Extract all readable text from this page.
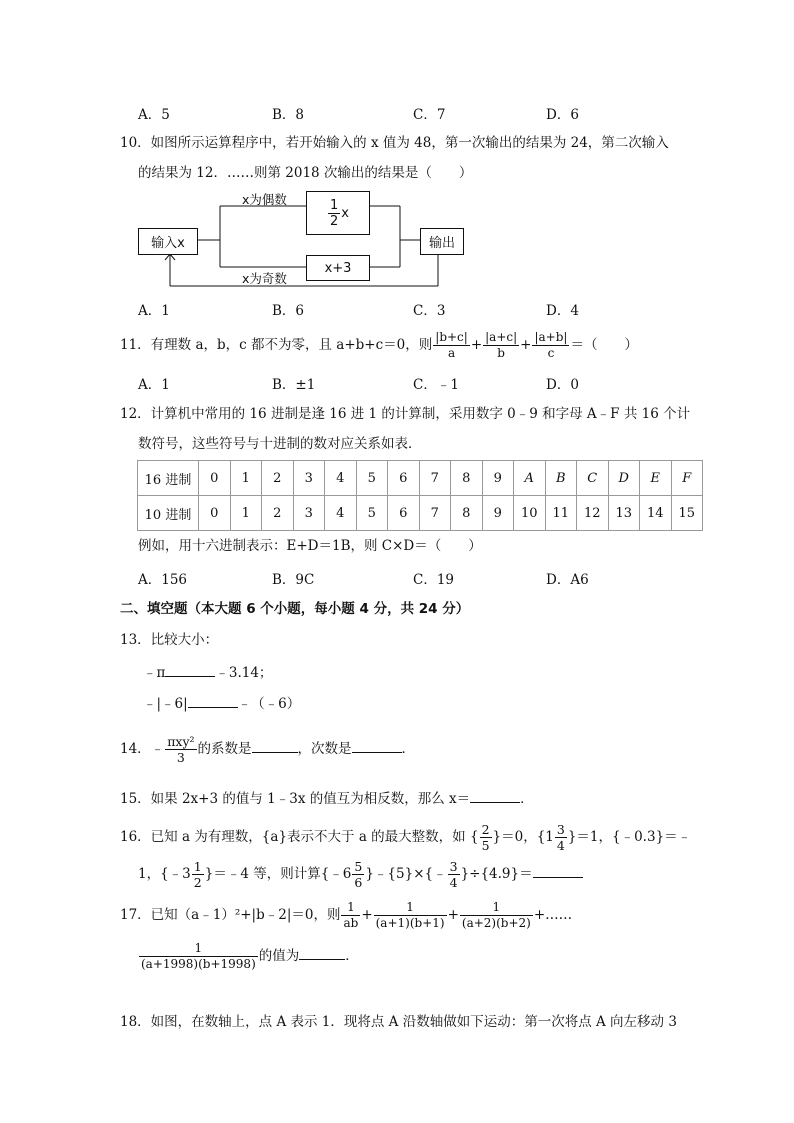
A．5	B．8	C．7	D．6
10．如图所示运算程序中，若开始输入的 x 值为 48，第一次输出的结果为 24，第二次输入
的结果为 12．……则第 2018 次输出的结果是（　　）
输入x
1
2
x
x+3
输出
x为偶数
x为奇数
A．1	B．6	C．3	D．4
11．有理数 a，b，c 都不为零，且 a+b+c＝0，则 $\frac{|b+c|}{a} + \frac{|a+c|}{b} + \frac{|a+b|}{c}$ ＝（　　）
A．1	B．±1	C．﹣1	D．0
12．计算机中常用的 16 进制是逢 16 进 1 的计算制，采用数字 0﹣9 和字母 A﹣F 共 16 个计
数符号，这些符号与十进制的数对应关系如表．
16 进制	0	1	2	3	4	5	6	7	8	9	A	B	C	D	E	F
10 进制	0	1	2	3	4	5	6	7	8	9	10	11	12	13	14	15
例如，用十六进制表示：E+D＝1B，则 C×D＝（　　）
A．156	B．9C	C．19	D．A6
二、填空题（本大题 6 个小题，每小题 4 分，共 24 分）
13．比较大小：
﹣π	﹣3.14；
﹣|﹣6|	﹣（﹣6）
14．﹣ πxy²
3
的系数是	，次数是	．
15．如果 2x+3 的值与 1﹣3x 的值互为相反数，那么 x＝	．
16．已知 a 为有理数，{a}表示不大于 a 的最大整数，如 { $\frac{2}{5} \}=0$，$\{1 \frac{3}{4} \}=1$，{﹣0.3}＝﹣
1，{﹣3 $\frac{1}{2}$ }＝﹣4 等，则计算{﹣6 $\frac{5}{6}$ }﹣{5}×{﹣ $\frac{3}{4} \}\div\{4.9\}=$
17．已知（a﹣1）²+|b﹣2|＝0，则 $\frac{1}{ab} + \frac{1}{(a+1)(b+1)} + \frac{1}{(a+2)(b+2)}$ +……
$\frac{1}{(a+1998)(b+1998)}$ 的值为	．
18．如图，在数轴上，点 A 表示 1．现将点 A 沿数轴做如下运动：第一次将点 A 向左移动 3
